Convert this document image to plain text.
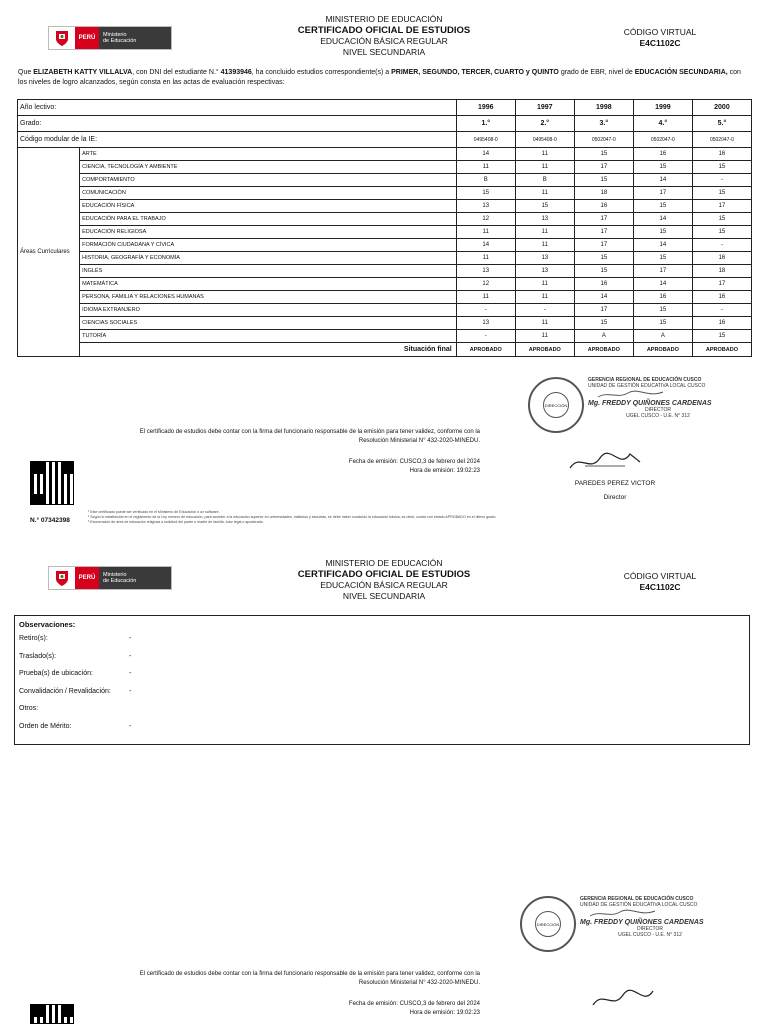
PERÚ	Ministerio
de Educación
MINISTERIO DE EDUCACIÓN
CERTIFICADO OFICIAL DE ESTUDIOS
EDUCACIÓN BÁSICA REGULAR
NIVEL SECUNDARIA
CÓDIGO VIRTUAL
E4C1102C
Que ELIZABETH KATTY VILLALVA, con DNI del estudiante N.° 41393946, ha concluido estudios correspondiente(s) a PRIMER, SEGUNDO, TERCER, CUARTO y QUINTO grado de EBR, nivel de EDUCACIÓN SECUNDARIA, con los niveles de logro alcanzados, según consta en las actas de evaluación respectivas:
Año lectivo:		1996	1997	1998	1999	2000
Grado:		1.°	2.°	3.°	4.°	5.°
Código modular de la IE:		0495408-0	0495408-0	0502047-0	0502047-0	0502047-0
Áreas Curriculares	ARTE	14	11	15	16	16
	CIENCIA, TECNOLOGÍA Y AMBIENTE	11	11	17	15	15
	COMPORTAMIENTO	B	B	15	14	-
	COMUNICACIÓN	15	11	18	17	15
	EDUCACIÓN FÍSICA	13	15	16	15	17
	EDUCACIÓN PARA EL TRABAJO	12	13	17	14	15
	EDUCACIÓN RELIGIOSA	11	11	17	15	15
	FORMACIÓN CIUDADANA Y CÍVICA	14	11	17	14	-
	HISTORIA, GEOGRAFÍA Y ECONOMÍA	11	13	15	15	16
	INGLÉS	13	13	15	17	18
	MATEMÁTICA	12	11	16	14	17
	PERSONA, FAMILIA Y RELACIONES HUMANAS	11	11	14	16	16
	IDIOMA EXTRANJERO	-	-	17	15	-
	CIENCIAS SOCIALES	13	11	15	15	16
	TUTORÍA	-	11	A	A	15
	Situación final	APROBADO	APROBADO	APROBADO	APROBADO	APROBADO
El certificado de estudios debe contar con la firma del funcionario responsable de la emisión para tener validez, conforme con la
Resolución Ministerial N° 432-2020-MINEDU.
Fecha de emisión: CUSCO,3 de febrero del 2024
Hora de emisión: 19:02:23
N.° 07342398
¹ Este certificado puede ser verificado en el Ministerio de Educación o un software.
² Según lo establecido en el reglamento de la Ley número de educación, para acceder a la educación superior en universidades, institutos y escuelas, se debe haber concluido la educación básica; es decir, contar con estado APROBADO en el último grado.
³ Exoneración de área de educación religiosa a solicitud del padre o madre de familia, tutor legal o apoderado.
DIRECCIÓN
GERENCIA REGIONAL DE EDUCACIÓN CUSCO
UNIDAD DE GESTIÓN EDUCATIVA LOCAL CUSCO
Mg. FREDDY QUIÑONES CARDENAS
DIRECTOR
UGEL CUSCO - U.E. N° 312
PAREDES PEREZ VICTOR
Director
PERÚ	Ministerio
de Educación
MINISTERIO DE EDUCACIÓN
CERTIFICADO OFICIAL DE ESTUDIOS
EDUCACIÓN BÁSICA REGULAR
NIVEL SECUNDARIA
CÓDIGO VIRTUAL
E4C1102C
Observaciones:
Retiro(s):	-
Traslado(s):	-
Prueba(s) de ubicación:	-
Convalidación / Revalidación:	-
Otros:
Orden de Mérito:	-
DIRECCIÓN
GERENCIA REGIONAL DE EDUCACIÓN CUSCO
UNIDAD DE GESTIÓN EDUCATIVA LOCAL CUSCO
Mg. FREDDY QUIÑONES CARDENAS
DIRECTOR
UGEL CUSCO - U.E. N° 312
El certificado de estudios debe contar con la firma del funcionario responsable de la emisión para tener validez, conforme con la
Resolución Ministerial N° 432-2020-MINEDU.
Fecha de emisión: CUSCO,3 de febrero del 2024
Hora de emisión: 19:02:23
